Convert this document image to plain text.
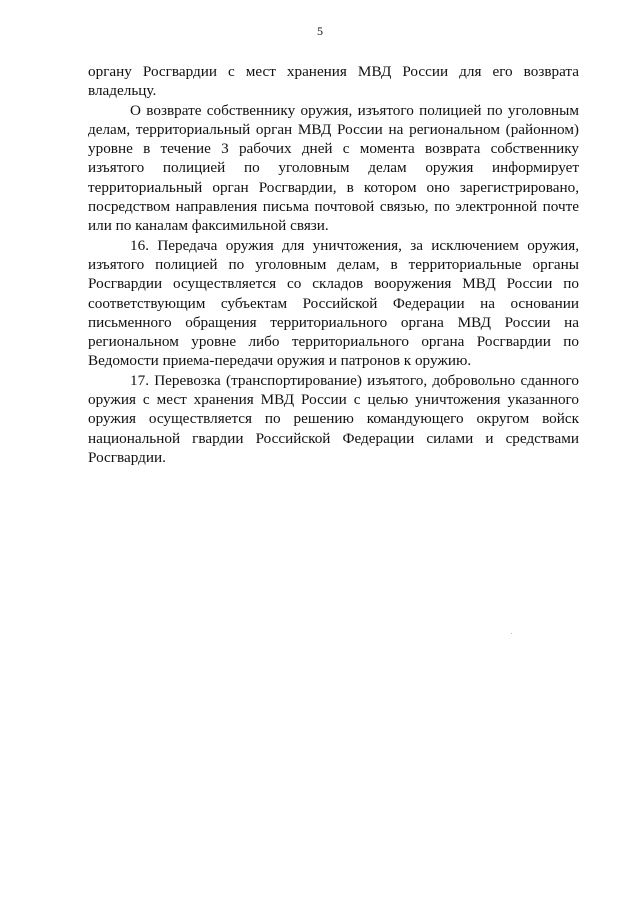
5

органу Росгвардии с мест хранения МВД России для его возврата владельцу.

О возврате собственнику оружия, изъятого полицией по уголовным делам, территориальный орган МВД России на региональном (районном) уровне в течение 3 рабочих дней с момента возврата собственнику изъятого полицией по уголовным делам оружия информирует территориальный орган Росгвардии, в котором оно зарегистрировано, посредством направления письма почтовой связью, по электронной почте или по каналам факсимильной связи.

16. Передача оружия для уничтожения, за исключением оружия, изъятого полицией по уголовным делам, в территориальные органы Росгвардии осуществляется со складов вооружения МВД России по соответствующим субъектам Российской Федерации на основании письменного обращения территориального органа МВД России на региональном уровне либо территориального органа Росгвардии по Ведомости приема-передачи оружия и патронов к оружию.

17. Перевозка (транспортирование) изъятого, добровольно сданного оружия с мест хранения МВД России с целью уничтожения указанного оружия осуществляется по решению командующего округом войск национальной гвардии Российской Федерации силами и средствами Росгвардии.
